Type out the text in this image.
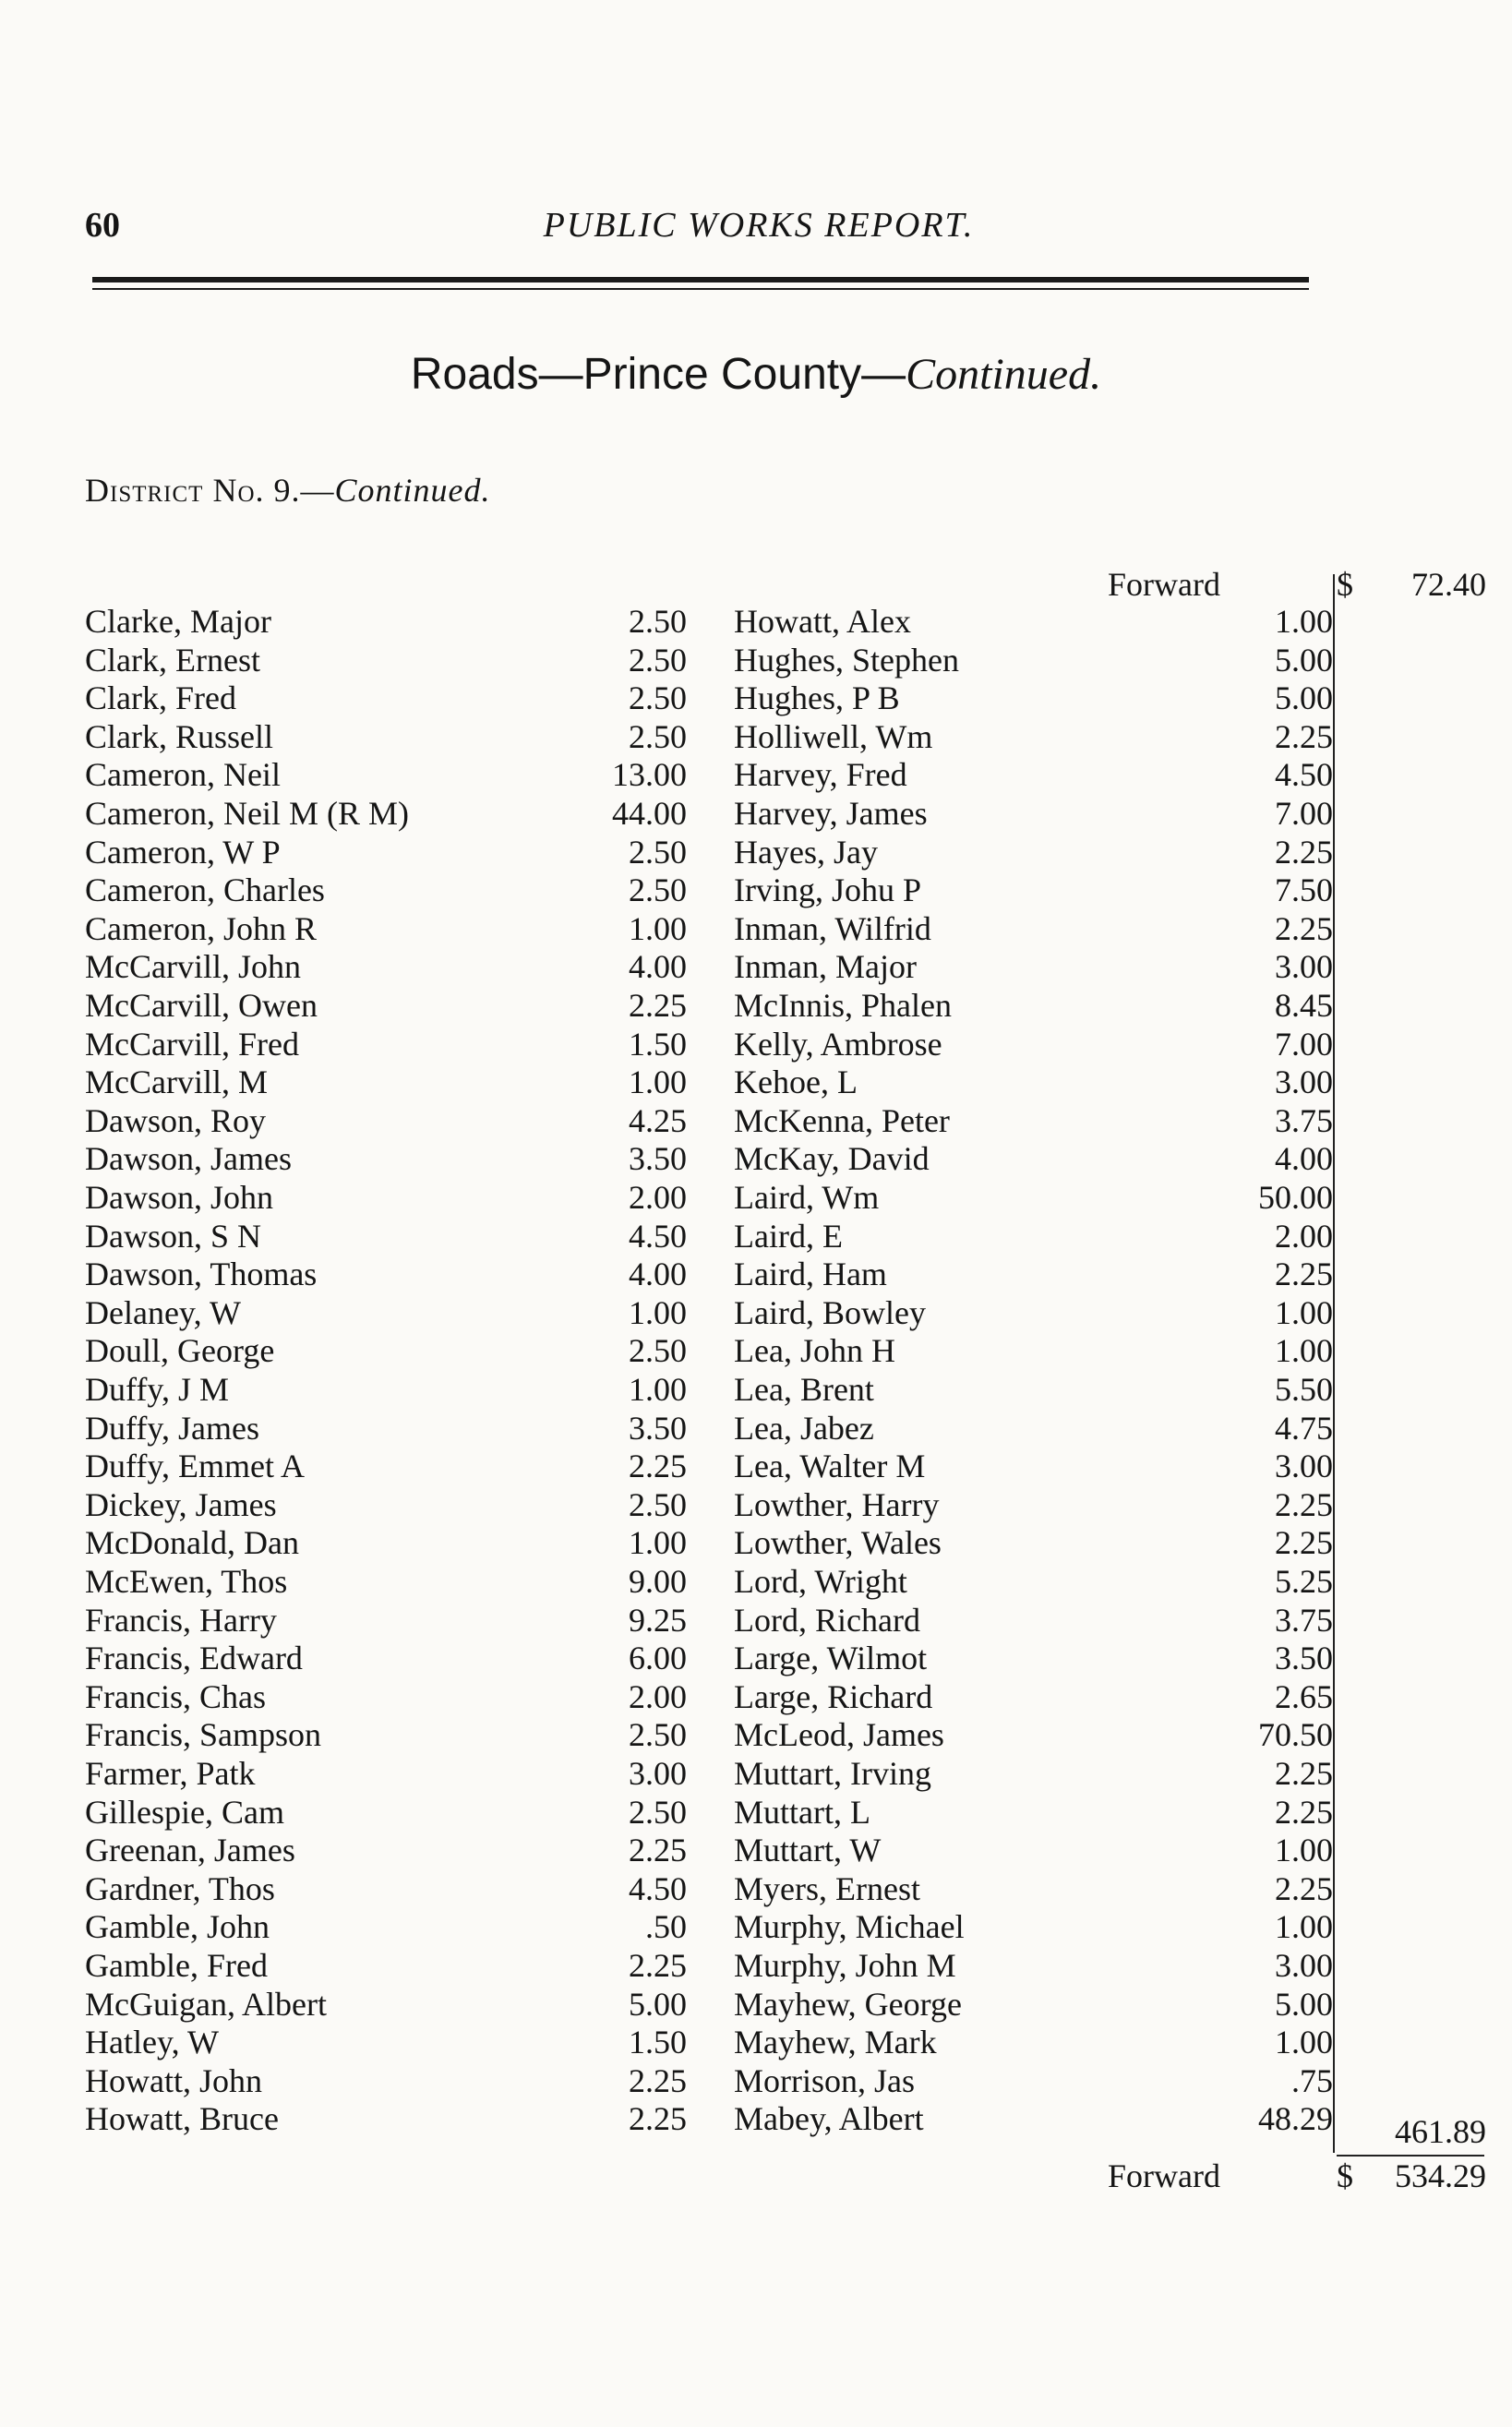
60	PUBLIC WORKS REPORT.
Roads—Prince County—Continued.
District No. 9.—Continued.
Forward	$	72.40
Clarke, Major	2.50
Clark, Ernest	2.50
Clark, Fred	2.50
Clark, Russell	2.50
Cameron, Neil	13.00
Cameron, Neil M (R M)	44.00
Cameron, W P	2.50
Cameron, Charles	2.50
Cameron, John R	1.00
McCarvill, John	4.00
McCarvill, Owen	2.25
McCarvill, Fred	1.50
McCarvill, M	1.00
Dawson, Roy	4.25
Dawson, James	3.50
Dawson, John	2.00
Dawson, S N	4.50
Dawson, Thomas	4.00
Delaney, W	1.00
Doull, George	2.50
Duffy, J M	1.00
Duffy, James	3.50
Duffy, Emmet A	2.25
Dickey, James	2.50
McDonald, Dan	1.00
McEwen, Thos	9.00
Francis, Harry	9.25
Francis, Edward	6.00
Francis, Chas	2.00
Francis, Sampson	2.50
Farmer, Patk	3.00
Gillespie, Cam	2.50
Greenan, James	2.25
Gardner, Thos	4.50
Gamble, John	.50
Gamble, Fred	2.25
McGuigan, Albert	5.00
Hatley, W	1.50
Howatt, John	2.25
Howatt, Bruce	2.25
Howatt, Alex	1.00
Hughes, Stephen	5.00
Hughes, P B	5.00
Holliwell, Wm	2.25
Harvey, Fred	4.50
Harvey, James	7.00
Hayes, Jay	2.25
Irving, Johu P	7.50
Inman, Wilfrid	2.25
Inman, Major	3.00
McInnis, Phalen	8.45
Kelly, Ambrose	7.00
Kehoe, L	3.00
McKenna, Peter	3.75
McKay, David	4.00
Laird, Wm	50.00
Laird, E	2.00
Laird, Ham	2.25
Laird, Bowley	1.00
Lea, John H	1.00
Lea, Brent	5.50
Lea, Jabez	4.75
Lea, Walter M	3.00
Lowther, Harry	2.25
Lowther, Wales	2.25
Lord, Wright	5.25
Lord, Richard	3.75
Large, Wilmot	3.50
Large, Richard	2.65
McLeod, James	70.50
Muttart, Irving	2.25
Muttart, L	2.25
Muttart, W	1.00
Myers, Ernest	2.25
Murphy, Michael	1.00
Murphy, John M	3.00
Mayhew, George	5.00
Mayhew, Mark	1.00
Morrison, Jas	.75
Mabey, Albert	48.29	461.89
Forward	$	534.29
